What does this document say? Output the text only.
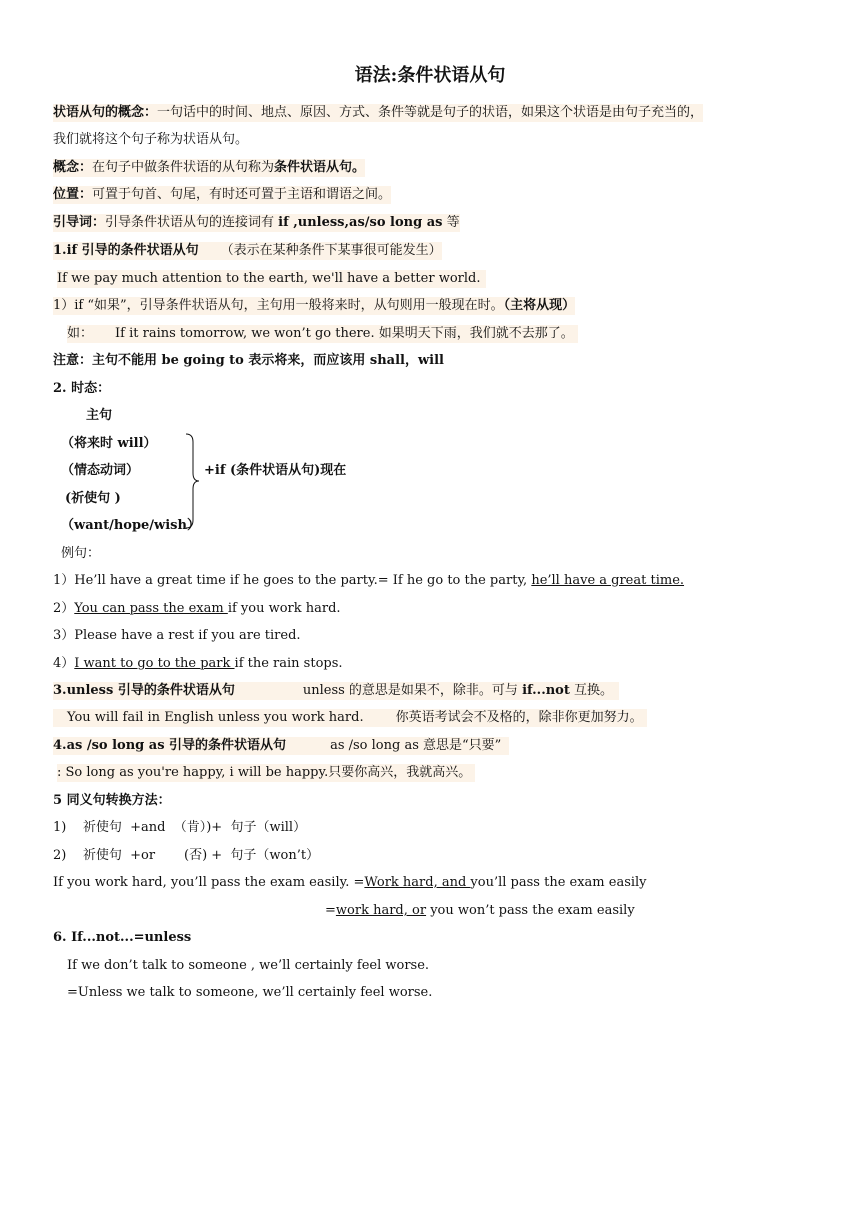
语法:条件状语从句
状语从句的概念：一句话中的时间、地点、原因、方式、条件等就是句子的状语，如果这个状语是由句子充当的，
我们就将这个句子称为状语从句。
概念：在句子中做条件状语的从句称为条件状语从句。
位置：可置于句首、句尾，有时还可置于主语和谓语之间。
引导词：引导条件状语从句的连接词有 if ,unless,as/so long as 等
1.if 引导的条件状语从句 （表示在某种条件下某事很可能发生）
If we pay much attention to the earth, we'll have a better world.
1）if “如果”，引导条件状语从句，主句用一般将来时，从句则用一般现在时。（主将从现）
如： If it rains tomorrow, we won’t go there. 如果明天下雨，我们就不去那了。
注意：主句不能用 be going to 表示将来，而应该用 shall，will
2. 时态：
主句
（将来时 will）
（情态动词）
(祈使句 )
（want/hope/wish）
+if (条件状语从句)现在
例句：
1）He’ll have a great time if he goes to the party.= If he go to the party, he’ll have a great time.
2）You can pass the exam if you work hard.
3）Please have a rest if you are tired.
4）I want to go to the park if the rain stops.
3.unless 引导的条件状语从句	unless 的意思是如果不，除非。可与 if...not 互换。
You will fail in English unless you work hard. 你英语考试会不及格的，除非你更加努力。
4.as /so long as 引导的条件状语从句	as /so long as 意思是“只要”
: So long as you're happy, i will be happy.只要你高兴，我就高兴。
5 同义句转换方法：
1)    祈使句  +and  （肯）)+  句子（will）
2)    祈使句  +or       (否) +  句子（won’t）
If you work hard, you’ll pass the exam easily. =Work hard, and you’ll pass the exam easily
=work hard, or you won’t pass the exam easily
6. If...not...=unless
If we don’t talk to someone , we’ll certainly feel worse.
=Unless we talk to someone, we’ll certainly feel worse.
